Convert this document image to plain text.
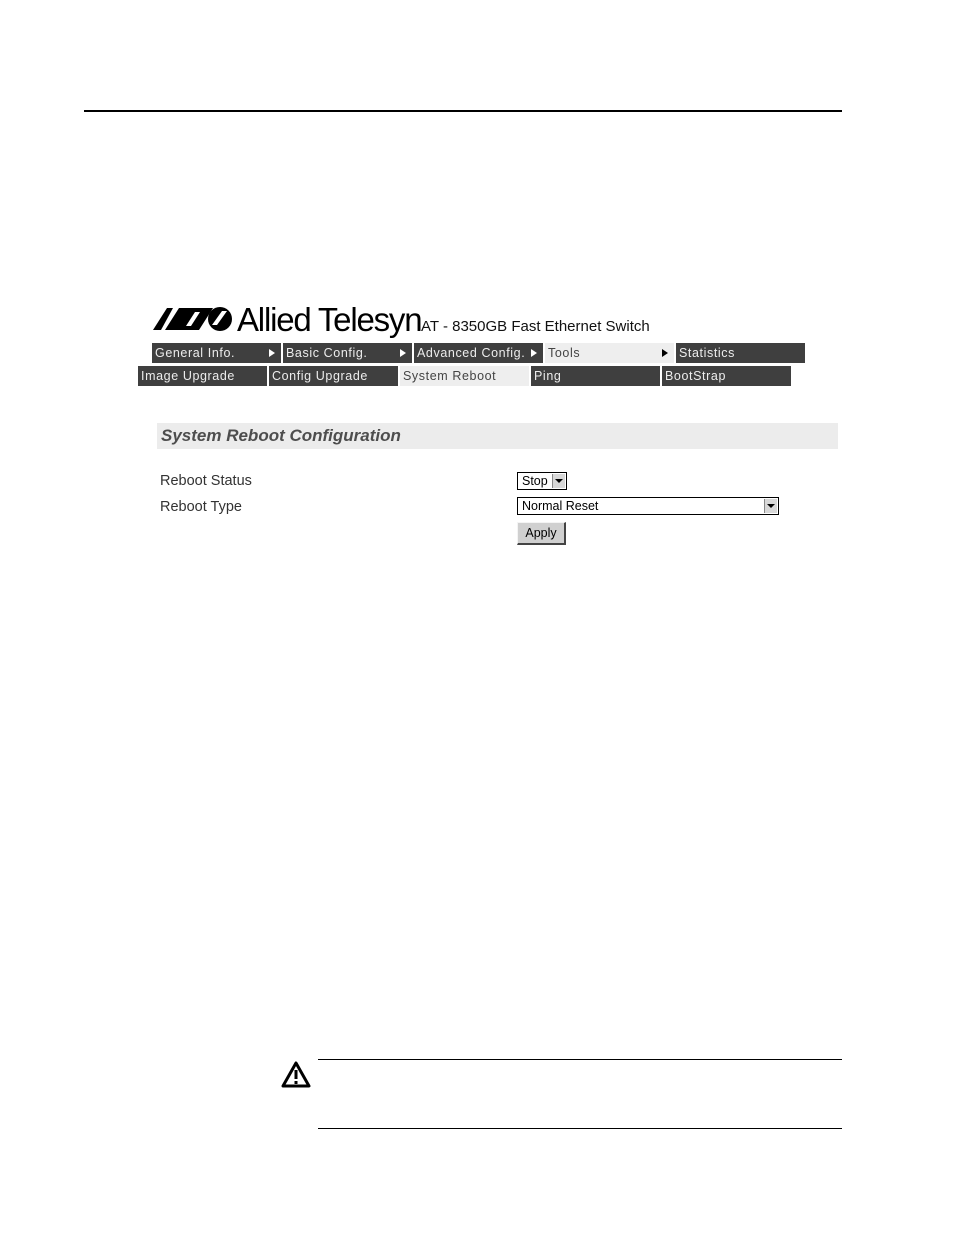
Allied Telesyn AT - 8350GB Fast Ethernet Switch
General Info.	Basic Config.	Advanced Config.	Tools	Statistics
Image Upgrade	Config Upgrade	System Reboot	Ping	BootStrap
System Reboot Configuration
Reboot Status	Stop
Reboot Type	Normal Reset
Apply
